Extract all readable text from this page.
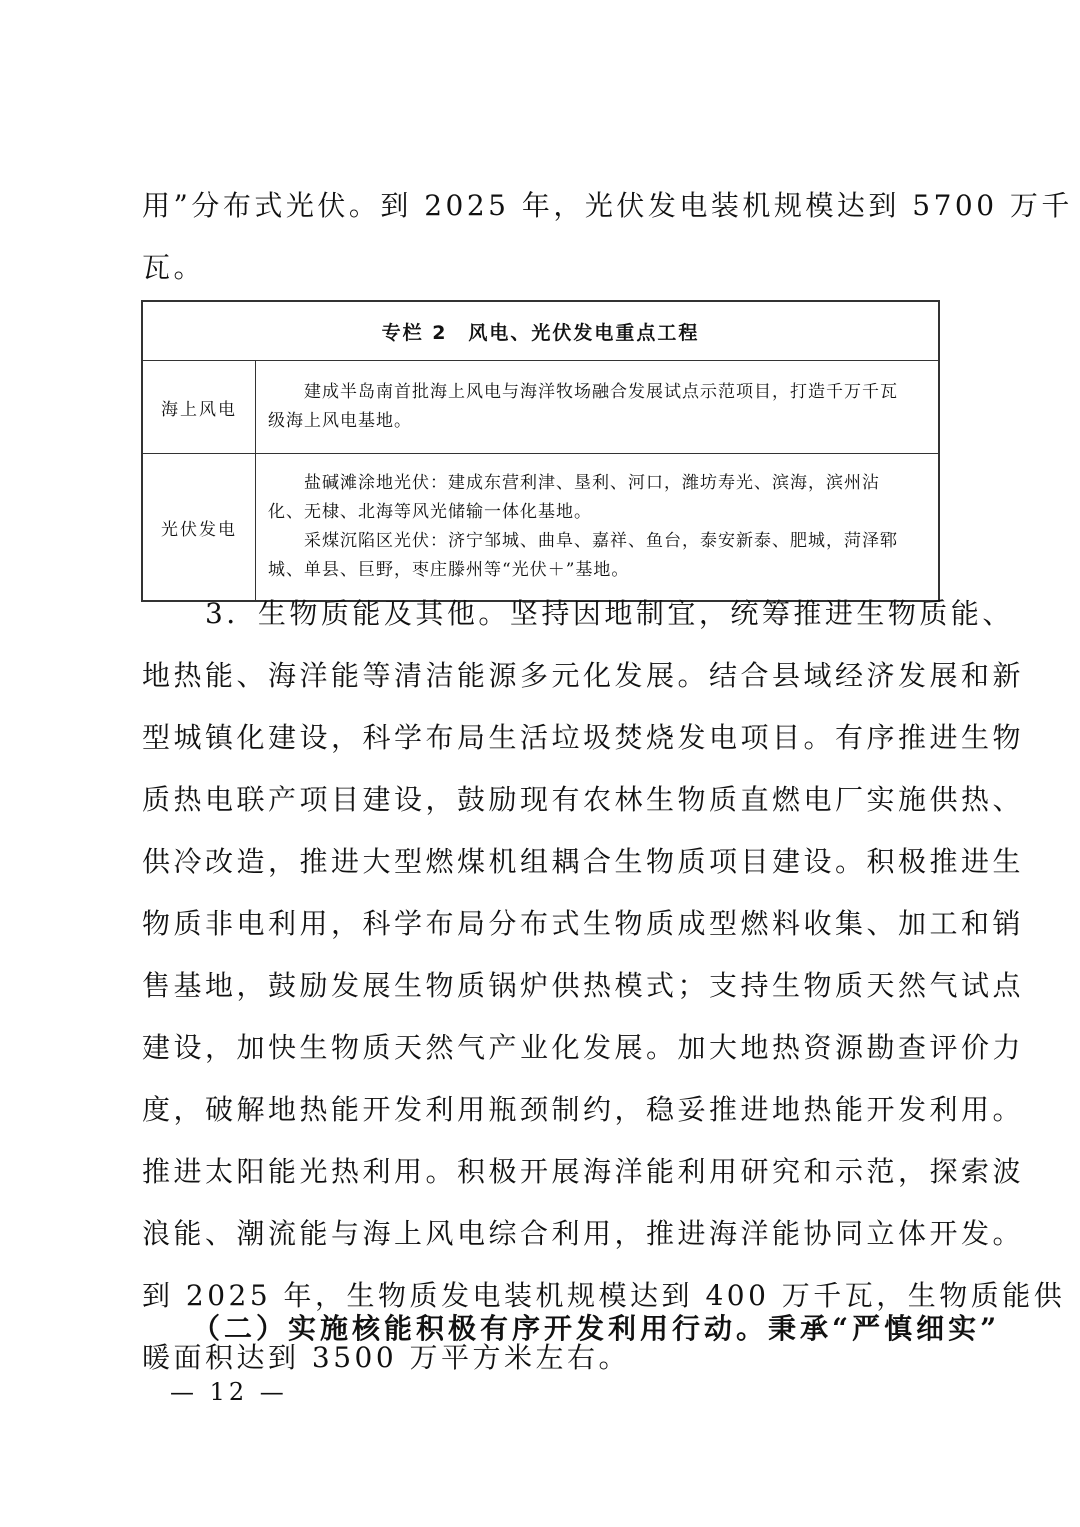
用”分布式光伏。到 2025 年，光伏发电装机规模达到 5700 万千
瓦。
专栏 2　风电、光伏发电重点工程	
海上风电	　　建成半岛南首批海上风电与海洋牧场融合发展试点示范项目，打造千万千瓦
级海上风电基地。

光伏发电	　　盐碱滩涂地光伏：建成东营利津、垦利、河口，潍坊寿光、滨海，滨州沾
化、无棣、北海等风光储输一体化基地。
　　采煤沉陷区光伏：济宁邹城、曲阜、嘉祥、鱼台，泰安新泰、肥城，菏泽郓
城、单县、巨野，枣庄滕州等“光伏＋”基地。
　　3．生物质能及其他。坚持因地制宜，统筹推进生物质能、
地热能、海洋能等清洁能源多元化发展。结合县域经济发展和新
型城镇化建设，科学布局生活垃圾焚烧发电项目。有序推进生物
质热电联产项目建设，鼓励现有农林生物质直燃电厂实施供热、
供冷改造，推进大型燃煤机组耦合生物质项目建设。积极推进生
物质非电利用，科学布局分布式生物质成型燃料收集、加工和销
售基地，鼓励发展生物质锅炉供热模式；支持生物质天然气试点
建设，加快生物质天然气产业化发展。加大地热资源勘查评价力
度，破解地热能开发利用瓶颈制约，稳妥推进地热能开发利用。
推进太阳能光热利用。积极开展海洋能利用研究和示范，探索波
浪能、潮流能与海上风电综合利用，推进海洋能协同立体开发。
到 2025 年，生物质发电装机规模达到 400 万千瓦，生物质能供
暖面积达到 3500 万平方米左右。
　　（二）实施核能积极有序开发利用行动。秉承“严慎细实”
— 12 —
